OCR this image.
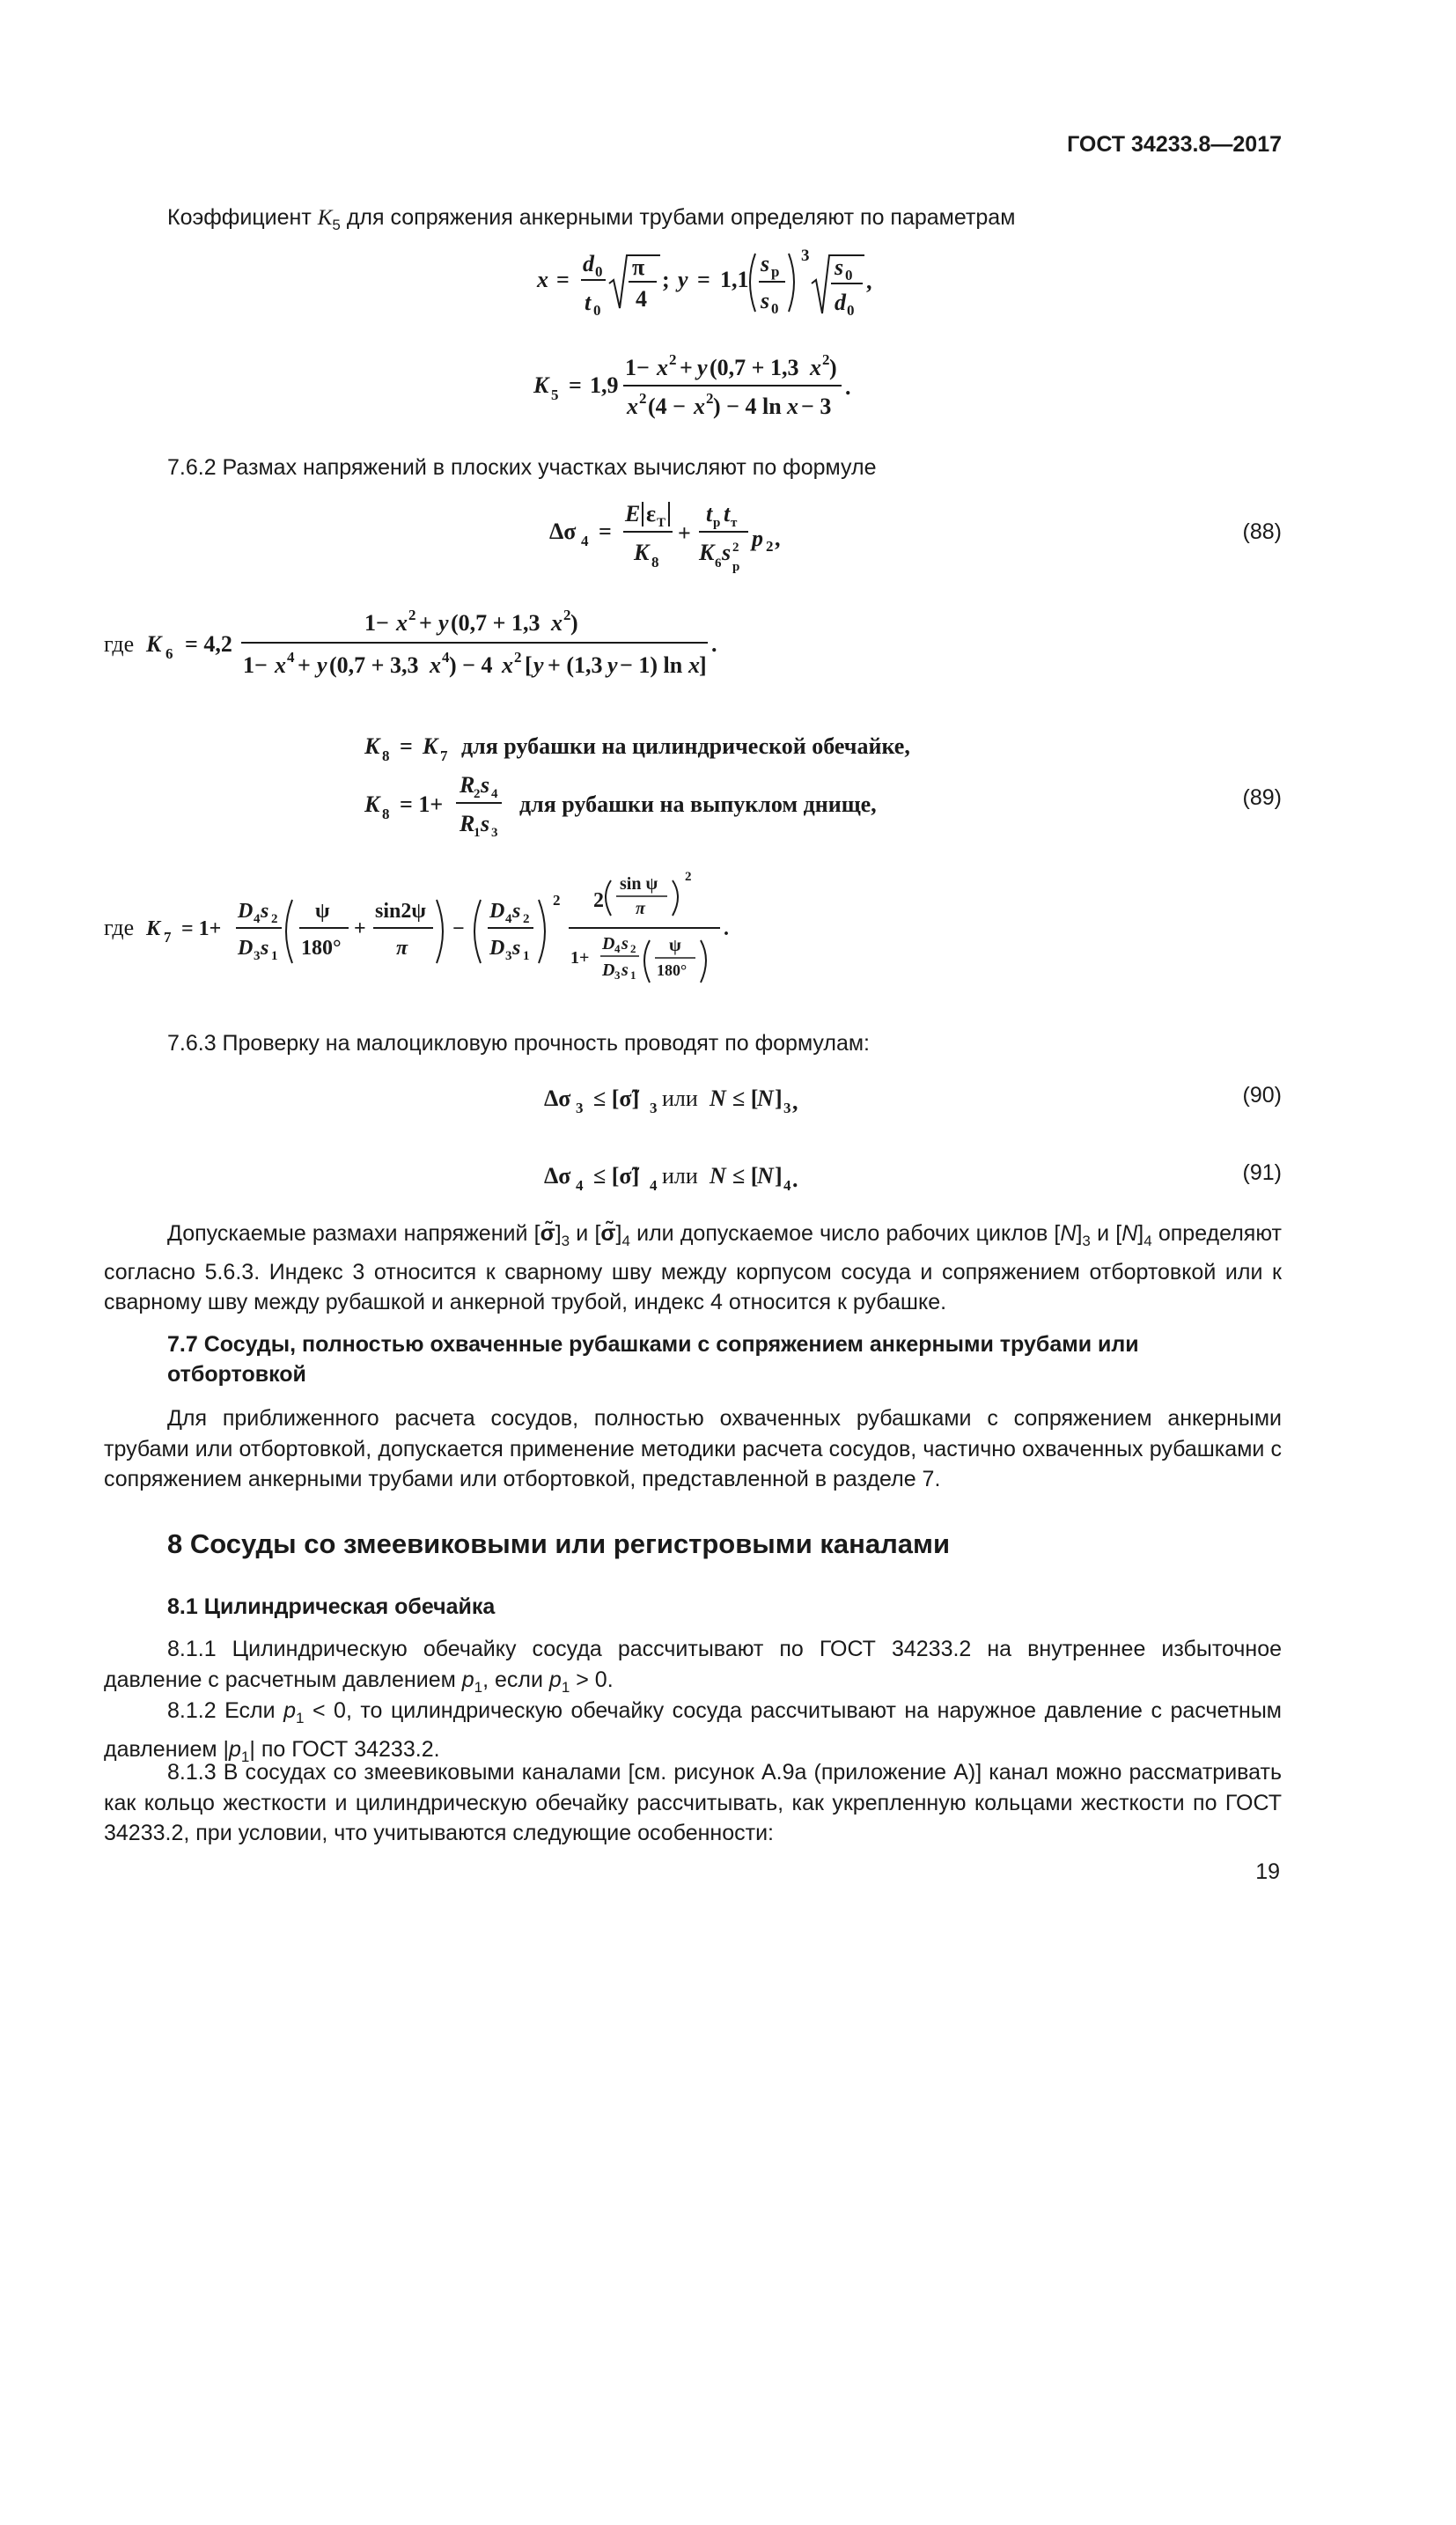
ГОСТ 34233.8—2017
Коэффициент $K_5$ для сопряжения анкерными трубами определяют по параметрам
x =
d 0
t 0
π
4
; y = 1,1
s p
s 0
3 s 0
d 0
,
K 5 = 1,9
1− x 2 + y (0,7 + 1,3 x 2 )
x 2 (4 − x 2 ) − 4 ln x − 3
.
7.6.2 Размах напряжений в плоских участках вычисляют по формуле
Δσ 4 =
E ε T
K 8
+
t p t т
K 6 s 2
p
p 2 ,	(88)
где K 6 = 4,2
1− x 2 + y (0,7 + 1,3 x 2 )
1− x 4 + y (0,7 + 3,3 x 4 ) − 4 x 2 [ y + (1,3 y − 1) ln x ]
.
K 8 = K 7 для рубашки на цилиндрической обечайке,
K 8 = 1+
R
2 s 4
R
1 s 3
для рубашки на выпуклом днище,	(89)
где K 7 = 1+
D 4 s 2
D 3 s 1
ψ
180°
+
sin2ψ
π
−
D 4 s 2
D 3 s 1
2 2
sin ψ
π
2
1+
D 4 s 2
D 3 s 1
ψ
180°
.
7.6.3 Проверку на малоцикловую прочность проводят по формулам:
Δσ 3 ≤ [σ̃] 3 или N ≤ [
N ] 3 ,	(90)
Δσ 4 ≤ [σ̃] 4 или N ≤ [
N ] 4 .	(91)
Допускаемые размахи напряжений $[\sigmã]_3$ и $[\sigmã]_4$ или допускаемое число рабочих циклов $[N]_3$ и $[N]_4$ определяют согласно 5.6.3. Индекс 3 относится к сварному шву между корпусом сосуда и сопряжением отбортовкой или к сварному шву между рубашкой и анкерной трубой, индекс 4 относится к рубашке.
7.7 Сосуды, полностью охваченные рубашками с сопряжением анкерными трубами или отбортовкой
Для приближенного расчета сосудов, полностью охваченных рубашками с сопряжением анкерными трубами или отбортовкой, допускается применение методики расчета сосудов, частично охваченных рубашками с сопряжением анкерными трубами или отбортовкой, представленной в разделе 7.
8 Сосуды со змеевиковыми или регистровыми каналами
8.1 Цилиндрическая обечайка
8.1.1 Цилиндрическую обечайку сосуда рассчитывают по ГОСТ 34233.2 на внутреннее избыточное давление с расчетным давлением $p_1$, если $p_1 > 0$.
8.1.2 Если $p_1 < 0$, то цилиндрическую обечайку сосуда рассчитывают на наружное давление с расчетным давлением $|p_1|$ по ГОСТ 34233.2.
8.1.3 В сосудах со змеевиковыми каналами [см. рисунок А.9а (приложение А)] канал можно рассматривать как кольцо жесткости и цилиндрическую обечайку рассчитывать, как укрепленную кольцами жесткости по ГОСТ 34233.2, при условии, что учитываются следующие особенности:
19
